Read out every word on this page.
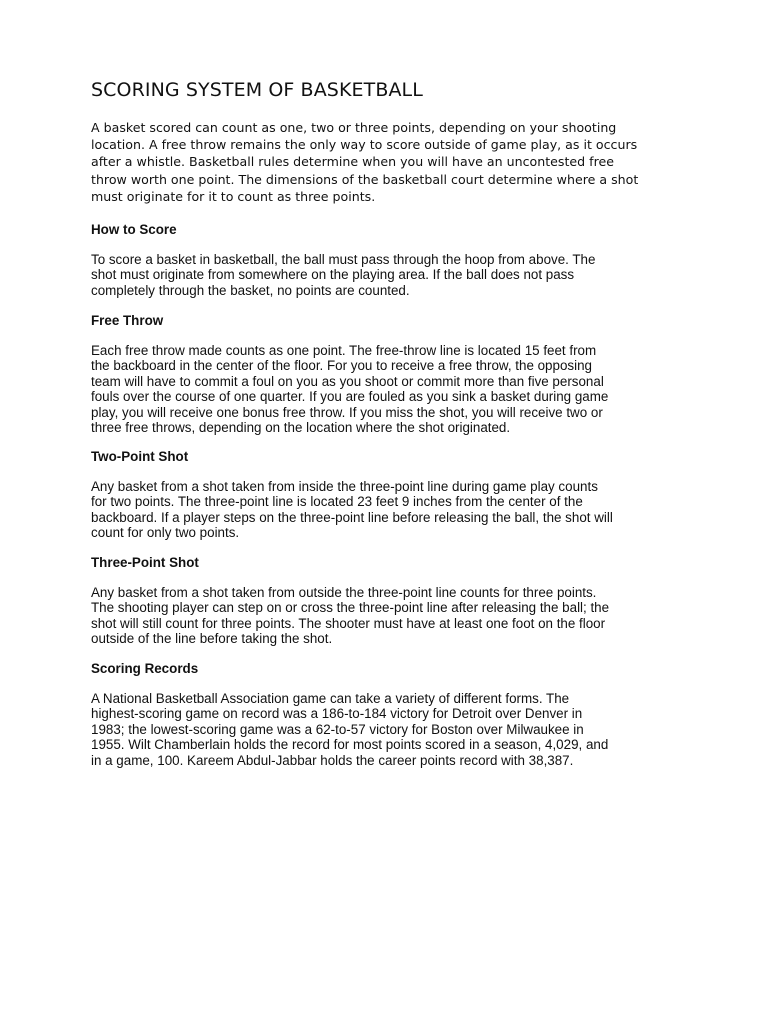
SCORING SYSTEM OF BASKETBALL

A basket scored can count as one, two or three points, depending on your shooting
location. A free throw remains the only way to score outside of game play, as it occurs
after a whistle. Basketball rules determine when you will have an uncontested free
throw worth one point. The dimensions of the basketball court determine where a shot
must originate for it to count as three points.

How to Score

To score a basket in basketball, the ball must pass through the hoop from above. The
shot must originate from somewhere on the playing area. If the ball does not pass
completely through the basket, no points are counted.

Free Throw

Each free throw made counts as one point. The free-throw line is located 15 feet from
the backboard in the center of the floor. For you to receive a free throw, the opposing
team will have to commit a foul on you as you shoot or commit more than five personal
fouls over the course of one quarter. If you are fouled as you sink a basket during game
play, you will receive one bonus free throw. If you miss the shot, you will receive two or
three free throws, depending on the location where the shot originated.

Two-Point Shot

Any basket from a shot taken from inside the three-point line during game play counts
for two points. The three-point line is located 23 feet 9 inches from the center of the
backboard. If a player steps on the three-point line before releasing the ball, the shot will
count for only two points.

Three-Point Shot

Any basket from a shot taken from outside the three-point line counts for three points.
The shooting player can step on or cross the three-point line after releasing the ball; the
shot will still count for three points. The shooter must have at least one foot on the floor
outside of the line before taking the shot.

Scoring Records

A National Basketball Association game can take a variety of different forms. The
highest-scoring game on record was a 186-to-184 victory for Detroit over Denver in
1983; the lowest-scoring game was a 62-to-57 victory for Boston over Milwaukee in
1955. Wilt Chamberlain holds the record for most points scored in a season, 4,029, and
in a game, 100. Kareem Abdul-Jabbar holds the career points record with 38,387.
